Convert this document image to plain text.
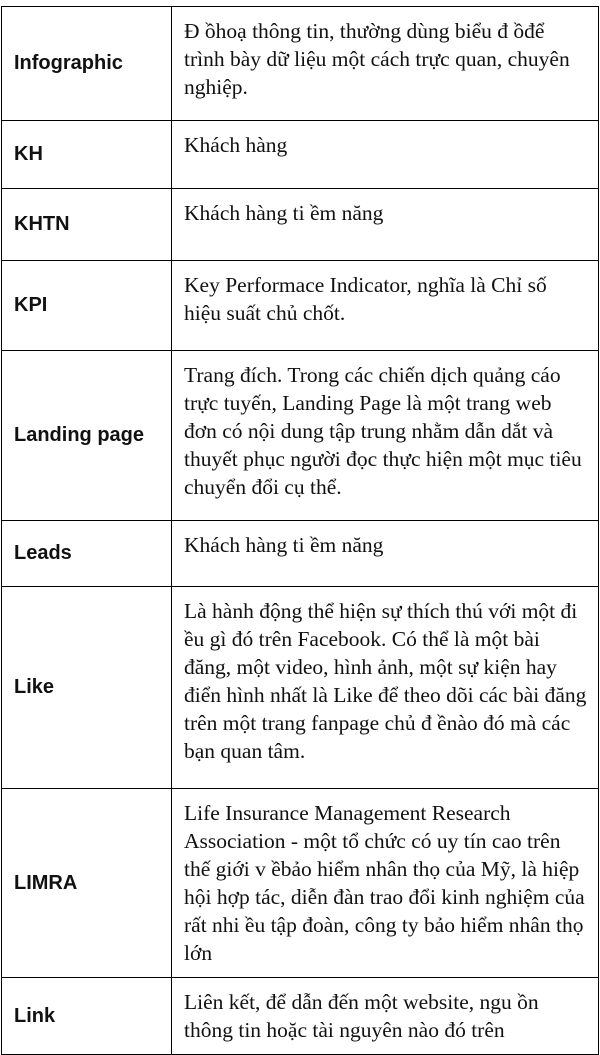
Infographic	Đ ồhoạ thông tin, thường dùng biểu đ ồđể trình bày dữ liệu một cách trực quan, chuyên nghiệp.
KH	Khách hàng
KHTN	Khách hàng ti ềm năng
KPI	Key Performace Indicator, nghĩa là Chỉ số hiệu suất chủ chốt.
Landing page	Trang đích. Trong các chiến dịch quảng cáo trực tuyến, Landing Page là một trang web đơn có nội dung tập trung nhằm dẫn dắt và thuyết phục người đọc thực hiện một mục tiêu chuyển đổi cụ thể.
Leads	Khách hàng ti ềm năng
Like	Là hành động thể hiện sự thích thú với một đi ều gì đó trên Facebook. Có thể là một bài đăng, một video, hình ảnh, một sự kiện hay điển hình nhất là Like để theo dõi các bài đăng trên một trang fanpage chủ đ ềnào đó mà các bạn quan tâm.
LIMRA	Life Insurance Management Research Association - một tổ chức có uy tín cao trên thế giới v ềbảo hiểm nhân thọ của Mỹ, là hiệp hội hợp tác, diễn đàn trao đổi kinh nghiệm của rất nhi ều tập đoàn, công ty bảo hiểm nhân thọ lớn
Link	Liên kết, để dẫn đến một website, ngu ồn thông tin hoặc tài nguyên nào đó trên
